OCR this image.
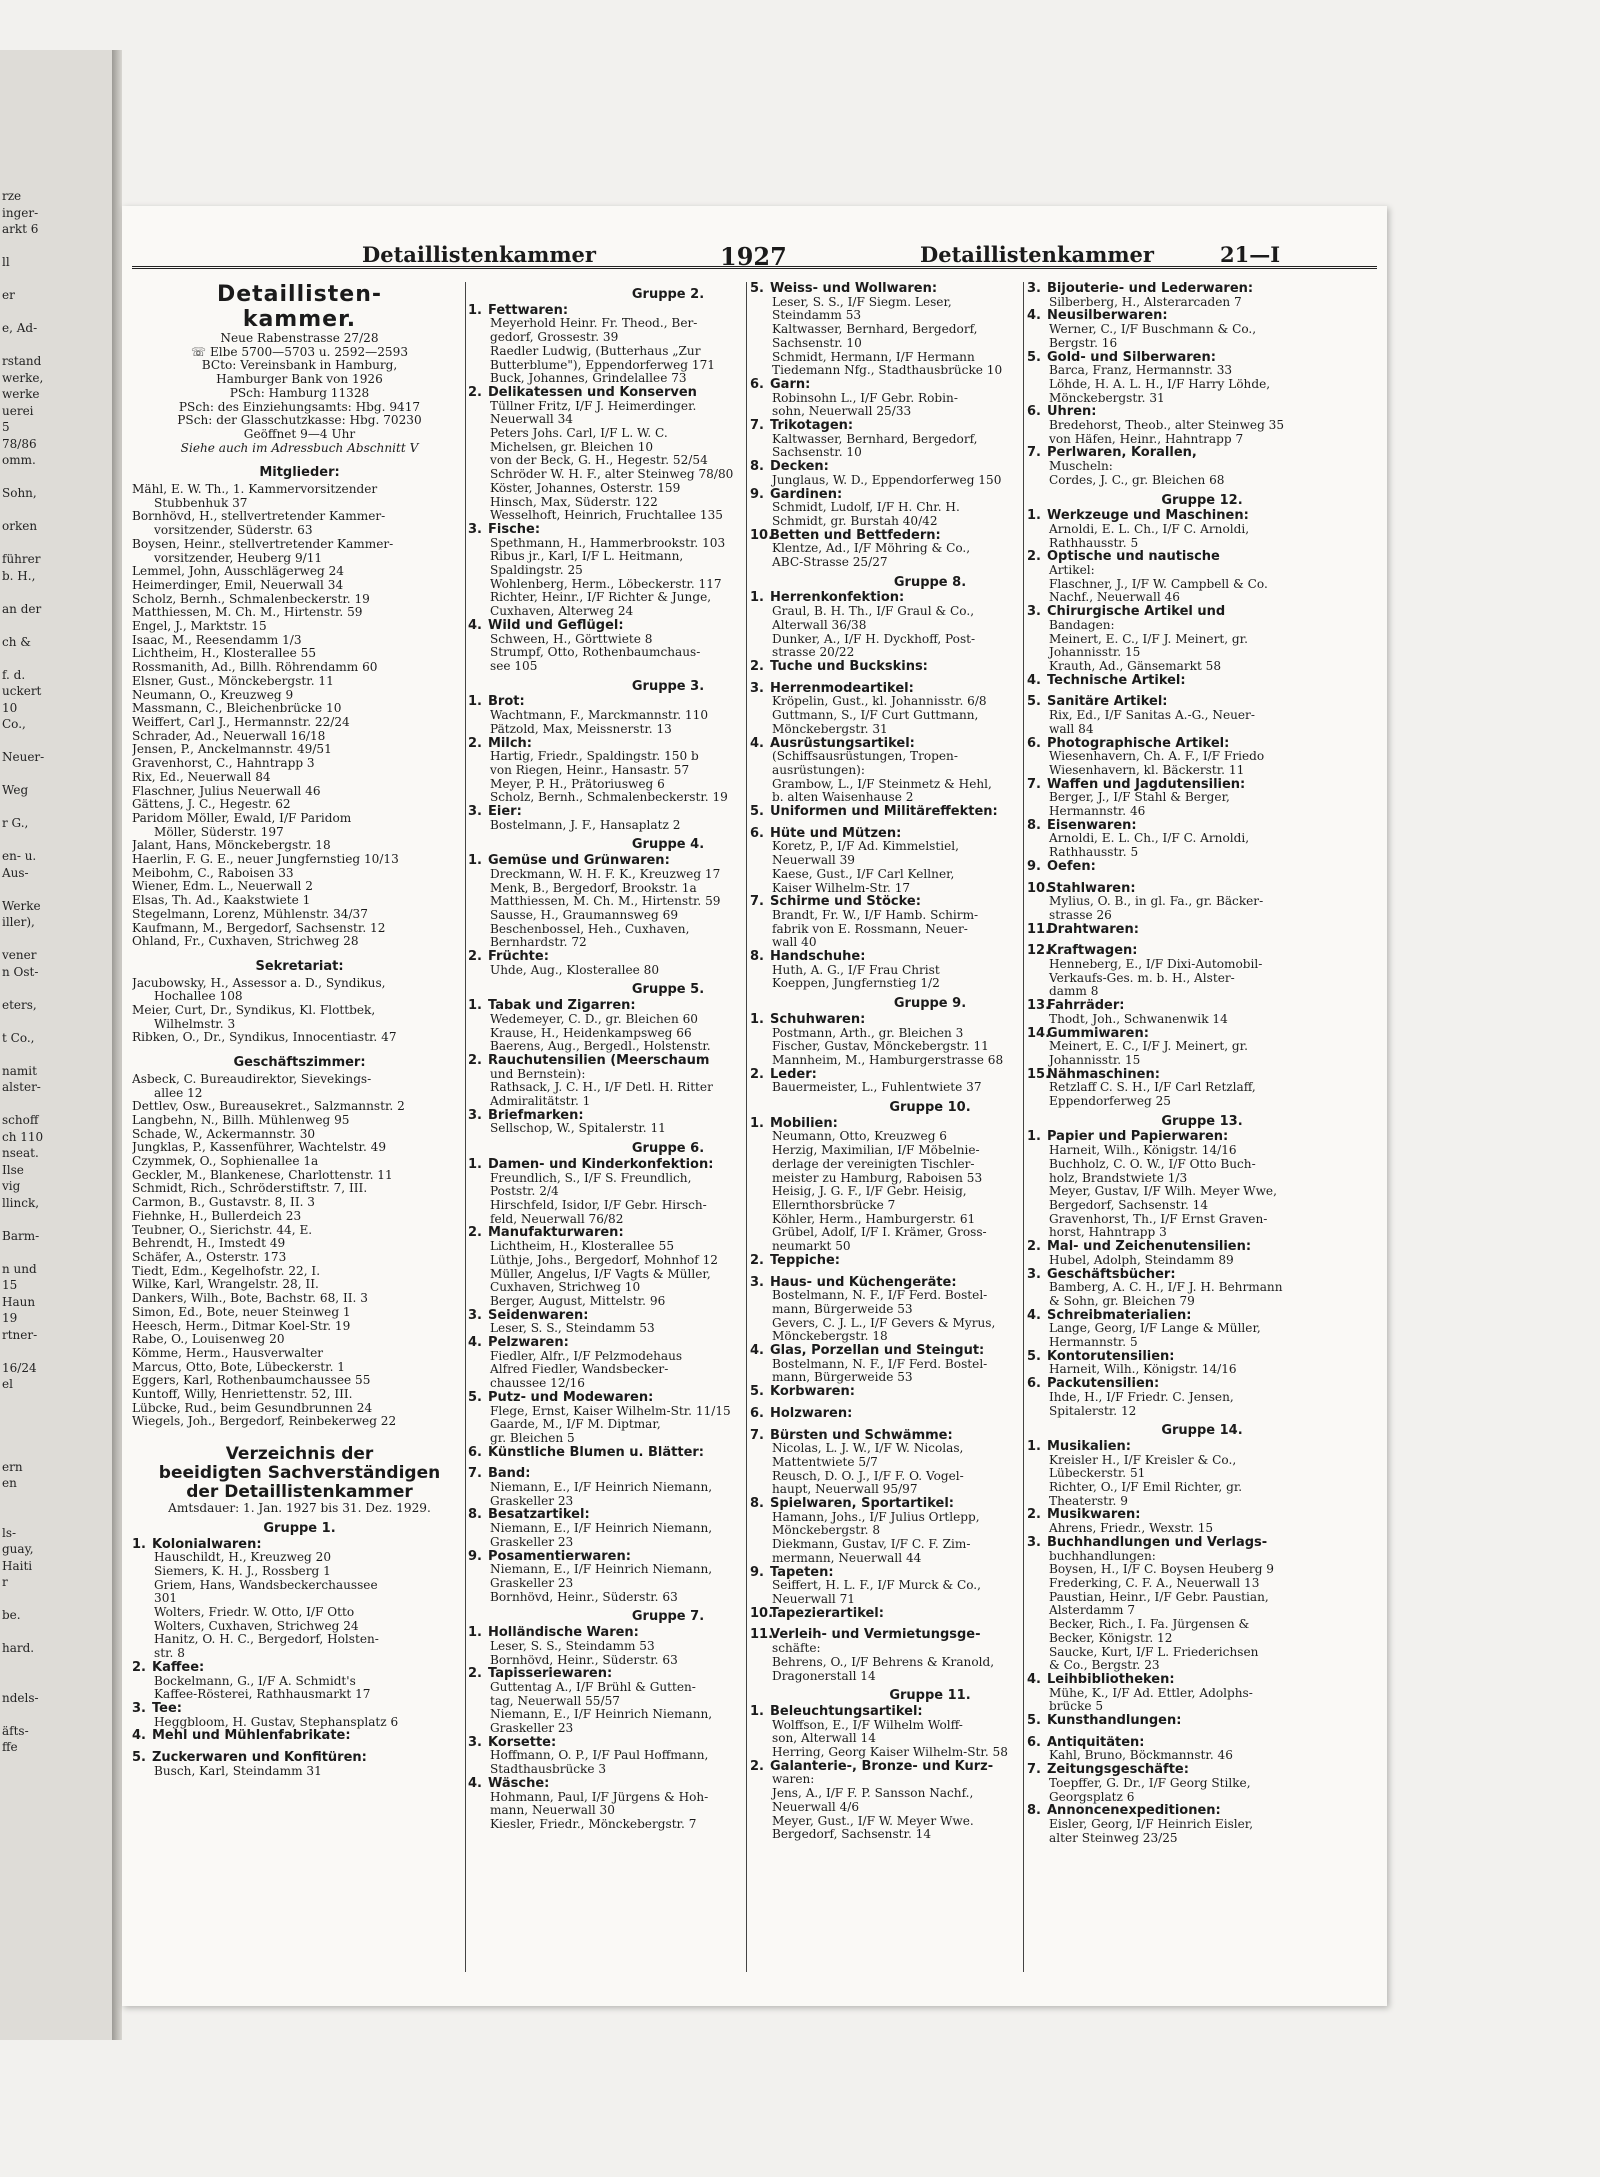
rze
inger-
arkt 6
ll
er
e, Ad-
rstand
werke,
werke
uerei
5
78/86
omm.
Sohn,
orken
führer
b. H.,
an der
ch &
f. d.
uckert
10
Co.,
Neuer-
Weg
r G.,
en- u.
Aus-
Werke
iller),
vener
n Ost-
eters,
t Co.,
namit
alster-
schoff
ch 110
nseat.
Ilse
vig
llinck,
Barm-
n und
15
Haun
19
rtner-
16/24
el
ern
en
ls-
guay,
Haiti
r
be.
hard.
ndels-
äfts-
ffe
Detaillistenkammer	1927	Detaillistenkammer	21—I
Detaillisten-
kammer.
Neue Rabenstrasse 27/28
☏ Elbe 5700—5703 u. 2592—2593
BCto: Vereinsbank in Hamburg,
Hamburger Bank von 1926
PSch: Hamburg 11328
PSch: des Einziehungsamts: Hbg. 9417
PSch: der Glasschutzkasse: Hbg. 70230
Geöffnet 9—4 Uhr
Siehe auch im Adressbuch Abschnitt V
Mitglieder:
Mähl, E. W. Th., 1. Kammervorsitzender
Stubbenhuk 37
Bornhövd, H., stellvertretender Kammer-
vorsitzender, Süderstr. 63
Boysen, Heinr., stellvertretender Kammer-
vorsitzender, Heuberg 9/11
Lemmel, John, Ausschlägerweg 24
Heimerdinger, Emil, Neuerwall 34
Scholz, Bernh., Schmalenbeckerstr. 19
Matthiessen, M. Ch. M., Hirtenstr. 59
Engel, J., Marktstr. 15
Isaac, M., Reesendamm 1/3
Lichtheim, H., Klosterallee 55
Rossmanith, Ad., Billh. Röhrendamm 60
Elsner, Gust., Mönckebergstr. 11
Neumann, O., Kreuzweg 9
Massmann, C., Bleichenbrücke 10
Weiffert, Carl J., Hermannstr. 22/24
Schrader, Ad., Neuerwall 16/18
Jensen, P., Anckelmannstr. 49/51
Gravenhorst, C., Hahntrapp 3
Rix, Ed., Neuerwall 84
Flaschner, Julius Neuerwall 46
Gättens, J. C., Hegestr. 62
Paridom Möller, Ewald, I/F Paridom
Möller, Süderstr. 197
Jalant, Hans, Mönckebergstr. 18
Haerlin, F. G. E., neuer Jungfernstieg 10/13
Meibohm, C., Raboisen 33
Wiener, Edm. L., Neuerwall 2
Elsas, Th. Ad., Kaakstwiete 1
Stegelmann, Lorenz, Mühlenstr. 34/37
Kaufmann, M., Bergedorf, Sachsenstr. 12
Ohland, Fr., Cuxhaven, Strichweg 28
Sekretariat:
Jacubowsky, H., Assessor a. D., Syndikus,
Hochallee 108
Meier, Curt, Dr., Syndikus, Kl. Flottbek,
Wilhelmstr. 3
Ribken, O., Dr., Syndikus, Innocentiastr. 47
Geschäftszimmer:
Asbeck, C. Bureaudirektor, Sievekings-
allee 12
Dettlev, Osw., Bureausekret., Salzmannstr. 2
Langbehn, N., Billh. Mühlenweg 95
Schade, W., Ackermannstr. 30
Jungklas, P., Kassenführer, Wachtelstr. 49
Czymmek, O., Sophienallee 1a
Geckler, M., Blankenese, Charlottenstr. 11
Schmidt, Rich., Schröderstiftstr. 7, III.
Carmon, B., Gustavstr. 8, II. 3
Fiehnke, H., Bullerdeich 23
Teubner, O., Sierichstr. 44, E.
Behrendt, H., Imstedt 49
Schäfer, A., Osterstr. 173
Tiedt, Edm., Kegelhofstr. 22, I.
Wilke, Karl, Wrangelstr. 28, II.
Dankers, Wilh., Bote, Bachstr. 68, II. 3
Simon, Ed., Bote, neuer Steinweg 1
Heesch, Herm., Ditmar Koel-Str. 19
Rabe, O., Louisenweg 20
Kömme, Herm., Hausverwalter
Marcus, Otto, Bote, Lübeckerstr. 1
Eggers, Karl, Rothenbaumchaussee 55
Kuntoff, Willy, Henriettenstr. 52, III.
Lübcke, Rud., beim Gesundbrunnen 24
Wiegels, Joh., Bergedorf, Reinbekerweg 22
Verzeichnis der
beeidigten Sachverständigen
der Detaillistenkammer
Amtsdauer: 1. Jan. 1927 bis 31. Dez. 1929.
Gruppe 1.
1. Kolonialwaren:
Hauschildt, H., Kreuzweg 20
Siemers, K. H. J., Rossberg 1
Griem, Hans, Wandsbeckerchaussee
301
Wolters, Friedr. W. Otto, I/F Otto
Wolters, Cuxhaven, Strichweg 24
Hanitz, O. H. C., Bergedorf, Holsten-
str. 8
2. Kaffee:
Bockelmann, G., I/F A. Schmidt's
Kaffee-Rösterei, Rathhausmarkt 17
3. Tee:
Heggbloom, H. Gustav, Stephansplatz 6
4. Mehl und Mühlenfabrikate:
5. Zuckerwaren und Konfitüren:
Busch, Karl, Steindamm 31
Gruppe 2.
1. Fettwaren:
Meyerhold Heinr. Fr. Theod., Ber-
gedorf, Grossestr. 39
Raedler Ludwig, (Butterhaus „Zur
Butterblume"), Eppendorferweg 171
Buck, Johannes, Grindelallee 73
2. Delikatessen und Konserven
Tüllner Fritz, I/F J. Heimerdinger.
Neuerwall 34
Peters Johs. Carl, I/F L. W. C.
Michelsen, gr. Bleichen 10
von der Beck, G. H., Hegestr. 52/54
Schröder W. H. F., alter Steinweg 78/80
Köster, Johannes, Osterstr. 159
Hinsch, Max, Süderstr. 122
Wesselhoft, Heinrich, Fruchtallee 135
3. Fische:
Spethmann, H., Hammerbrookstr. 103
Ribus jr., Karl, I/F L. Heitmann,
Spaldingstr. 25
Wohlenberg, Herm., Löbeckerstr. 117
Richter, Heinr., I/F Richter & Junge,
Cuxhaven, Alterweg 24
4. Wild und Geflügel:
Schween, H., Görttwiete 8
Strumpf, Otto, Rothenbaumchaus-
see 105
Gruppe 3.
1. Brot:
Wachtmann, F., Marckmannstr. 110
Pätzold, Max, Meissnerstr. 13
2. Milch:
Hartig, Friedr., Spaldingstr. 150 b
von Riegen, Heinr., Hansastr. 57
Meyer, P. H., Prätoriusweg 6
Scholz, Bernh., Schmalenbeckerstr. 19
3. Eier:
Bostelmann, J. F., Hansaplatz 2
Gruppe 4.
1. Gemüse und Grünwaren:
Dreckmann, W. H. F. K., Kreuzweg 17
Menk, B., Bergedorf, Brookstr. 1a
Matthiessen, M. Ch. M., Hirtenstr. 59
Sausse, H., Graumannsweg 69
Beschenbossel, Heh., Cuxhaven,
Bernhardstr. 72
2. Früchte:
Uhde, Aug., Klosterallee 80
Gruppe 5.
1. Tabak und Zigarren:
Wedemeyer, C. D., gr. Bleichen 60
Krause, H., Heidenkampsweg 66
Baerens, Aug., Bergedl., Holstenstr.
2. Rauchutensilien (Meerschaum
und Bernstein):
Rathsack, J. C. H., I/F Detl. H. Ritter
Admiralitätstr. 1
3. Briefmarken:
Sellschop, W., Spitalerstr. 11
Gruppe 6.
1. Damen- und Kinderkonfektion:
Freundlich, S., I/F S. Freundlich,
Poststr. 2/4
Hirschfeld, Isidor, I/F Gebr. Hirsch-
feld, Neuerwall 76/82
2. Manufakturwaren:
Lichtheim, H., Klosterallee 55
Lüthje, Johs., Bergedorf, Mohnhof 12
Müller, Angelus, I/F Vagts & Müller,
Cuxhaven, Strichweg 10
Berger, August, Mittelstr. 96
3. Seidenwaren:
Leser, S. S., Steindamm 53
4. Pelzwaren:
Fiedler, Alfr., I/F Pelzmodehaus
Alfred Fiedler, Wandsbecker-
chaussee 12/16
5. Putz- und Modewaren:
Flege, Ernst, Kaiser Wilhelm-Str. 11/15
Gaarde, M., I/F M. Diptmar,
gr. Bleichen 5
6. Künstliche Blumen u. Blätter:
7. Band:
Niemann, E., I/F Heinrich Niemann,
Graskeller 23
8. Besatzartikel:
Niemann, E., I/F Heinrich Niemann,
Graskeller 23
9. Posamentierwaren:
Niemann, E., I/F Heinrich Niemann,
Graskeller 23
Bornhövd, Heinr., Süderstr. 63
Gruppe 7.
1. Holländische Waren:
Leser, S. S., Steindamm 53
Bornhövd, Heinr., Süderstr. 63
2. Tapisseriewaren:
Guttentag A., I/F Brühl & Gutten-
tag, Neuerwall 55/57
Niemann, E., I/F Heinrich Niemann,
Graskeller 23
3. Korsette:
Hoffmann, O. P., I/F Paul Hoffmann,
Stadthausbrücke 3
4. Wäsche:
Hohmann, Paul, I/F Jürgens & Hoh-
mann, Neuerwall 30
Kiesler, Friedr., Mönckebergstr. 7
5. Weiss- und Wollwaren:
Leser, S. S., I/F Siegm. Leser,
Steindamm 53
Kaltwasser, Bernhard, Bergedorf,
Sachsenstr. 10
Schmidt, Hermann, I/F Hermann
Tiedemann Nfg., Stadthausbrücke 10
6. Garn:
Robinsohn L., I/F Gebr. Robin-
sohn, Neuerwall 25/33
7. Trikotagen:
Kaltwasser, Bernhard, Bergedorf,
Sachsenstr. 10
8. Decken:
Junglaus, W. D., Eppendorferweg 150
9. Gardinen:
Schmidt, Ludolf, I/F H. Chr. H.
Schmidt, gr. Burstah 40/42
10.Betten und Bettfedern:
Klentze, Ad., I/F Möhring & Co.,
ABC-Strasse 25/27
Gruppe 8.
1. Herrenkonfektion:
Graul, B. H. Th., I/F Graul & Co.,
Alterwall 36/38
Dunker, A., I/F H. Dyckhoff, Post-
strasse 20/22
2. Tuche und Buckskins:
3. Herrenmodeartikel:
Kröpelin, Gust., kl. Johannisstr. 6/8
Guttmann, S., I/F Curt Guttmann,
Mönckebergstr. 31
4. Ausrüstungsartikel:
(Schiffsausrüstungen, Tropen-
ausrüstungen):
Grambow, L., I/F Steinmetz & Hehl,
b. alten Waisenhause 2
5. Uniformen und Militäreffekten:
6. Hüte und Mützen:
Koretz, P., I/F Ad. Kimmelstiel,
Neuerwall 39
Kaese, Gust., I/F Carl Kellner,
Kaiser Wilhelm-Str. 17
7. Schirme und Stöcke:
Brandt, Fr. W., I/F Hamb. Schirm-
fabrik von E. Rossmann, Neuer-
wall 40
8. Handschuhe:
Huth, A. G., I/F Frau Christ
Koeppen, Jungfernstieg 1/2
Gruppe 9.
1. Schuhwaren:
Postmann, Arth., gr. Bleichen 3
Fischer, Gustav, Mönckebergstr. 11
Mannheim, M., Hamburgerstrasse 68
2. Leder:
Bauermeister, L., Fuhlentwiete 37
Gruppe 10.
1. Mobilien:
Neumann, Otto, Kreuzweg 6
Herzig, Maximilian, I/F Möbelnie-
derlage der vereinigten Tischler-
meister zu Hamburg, Raboisen 53
Heisig, J. G. F., I/F Gebr. Heisig,
Ellernthorsbrücke 7
Köhler, Herm., Hamburgerstr. 61
Grübel, Adolf, I/F I. Krämer, Gross-
neumarkt 50
2. Teppiche:
3. Haus- und Küchengeräte:
Bostelmann, N. F., I/F Ferd. Bostel-
mann, Bürgerweide 53
Gevers, C. J. L., I/F Gevers & Myrus,
Mönckebergstr. 18
4. Glas, Porzellan und Steingut:
Bostelmann, N. F., I/F Ferd. Bostel-
mann, Bürgerweide 53
5. Korbwaren:
6. Holzwaren:
7. Bürsten und Schwämme:
Nicolas, L. J. W., I/F W. Nicolas,
Mattentwiete 5/7
Reusch, D. O. J., I/F F. O. Vogel-
haupt, Neuerwall 95/97
8. Spielwaren, Sportartikel:
Hamann, Johs., I/F Julius Ortlepp,
Mönckebergstr. 8
Diekmann, Gustav, I/F C. F. Zim-
mermann, Neuerwall 44
9. Tapeten:
Seiffert, H. L. F., I/F Murck & Co.,
Neuerwall 71
10.Tapezierartikel:
11.Verleih- und Vermietungsge-
schäfte:
Behrens, O., I/F Behrens & Kranold,
Dragonerstall 14
Gruppe 11.
1. Beleuchtungsartikel:
Wolffson, E., I/F Wilhelm Wolff-
son, Alterwall 14
Herring, Georg Kaiser Wilhelm-Str. 58
2. Galanterie-, Bronze- und Kurz-
waren:
Jens, A., I/F F. P. Sansson Nachf.,
Neuerwall 4/6
Meyer, Gust., I/F W. Meyer Wwe.
Bergedorf, Sachsenstr. 14
3. Bijouterie- und Lederwaren:
Silberberg, H., Alsterarcaden 7
4. Neusilberwaren:
Werner, C., I/F Buschmann & Co.,
Bergstr. 16
5. Gold- und Silberwaren:
Barca, Franz, Hermannstr. 33
Löhde, H. A. L. H., I/F Harry Löhde,
Mönckebergstr. 31
6. Uhren:
Bredehorst, Theob., alter Steinweg 35
von Häfen, Heinr., Hahntrapp 7
7. Perlwaren, Korallen,
Muscheln:
Cordes, J. C., gr. Bleichen 68
Gruppe 12.
1. Werkzeuge und Maschinen:
Arnoldi, E. L. Ch., I/F C. Arnoldi,
Rathhausstr. 5
2. Optische und nautische
Artikel:
Flaschner, J., I/F W. Campbell & Co.
Nachf., Neuerwall 46
3. Chirurgische Artikel und
Bandagen:
Meinert, E. C., I/F J. Meinert, gr.
Johannisstr. 15
Krauth, Ad., Gänsemarkt 58
4. Technische Artikel:
5. Sanitäre Artikel:
Rix, Ed., I/F Sanitas A.-G., Neuer-
wall 84
6. Photographische Artikel:
Wiesenhavern, Ch. A. F., I/F Friedo
Wiesenhavern, kl. Bäckerstr. 11
7. Waffen und Jagdutensilien:
Berger, J., I/F Stahl & Berger,
Hermannstr. 46
8. Eisenwaren:
Arnoldi, E. L. Ch., I/F C. Arnoldi,
Rathhausstr. 5
9. Oefen:
10.Stahlwaren:
Mylius, O. B., in gl. Fa., gr. Bäcker-
strasse 26
11.Drahtwaren:
12.Kraftwagen:
Henneberg, E., I/F Dixi-Automobil-
Verkaufs-Ges. m. b. H., Alster-
damm 8
13.Fahrräder:
Thodt, Joh., Schwanenwik 14
14.Gummiwaren:
Meinert, E. C., I/F J. Meinert, gr.
Johannisstr. 15
15.Nähmaschinen:
Retzlaff C. S. H., I/F Carl Retzlaff,
Eppendorferweg 25
Gruppe 13.
1. Papier und Papierwaren:
Harneit, Wilh., Königstr. 14/16
Buchholz, C. O. W., I/F Otto Buch-
holz, Brandstwiete 1/3
Meyer, Gustav, I/F Wilh. Meyer Wwe,
Bergedorf, Sachsenstr. 14
Gravenhorst, Th., I/F Ernst Graven-
horst, Hahntrapp 3
2. Mal- und Zeichenutensilien:
Hubel, Adolph, Steindamm 89
3. Geschäftsbücher:
Bamberg, A. C. H., I/F J. H. Behrmann
& Sohn, gr. Bleichen 79
4. Schreibmaterialien:
Lange, Georg, I/F Lange & Müller,
Hermannstr. 5
5. Kontorutensilien:
Harneit, Wilh., Königstr. 14/16
6. Packutensilien:
Ihde, H., I/F Friedr. C. Jensen,
Spitalerstr. 12
Gruppe 14.
1. Musikalien:
Kreisler H., I/F Kreisler & Co.,
Lübeckerstr. 51
Richter, O., I/F Emil Richter, gr.
Theaterstr. 9
2. Musikwaren:
Ahrens, Friedr., Wexstr. 15
3. Buchhandlungen und Verlags-
buchhandlungen:
Boysen, H., I/F C. Boysen Heuberg 9
Frederking, C. F. A., Neuerwall 13
Paustian, Heinr., I/F Gebr. Paustian,
Alsterdamm 7
Becker, Rich., I. Fa. Jürgensen &
Becker, Königstr. 12
Saucke, Kurt, I/F L. Friederichsen
& Co., Bergstr. 23
4. Leihbibliotheken:
Mühe, K., I/F Ad. Ettler, Adolphs-
brücke 5
5. Kunsthandlungen:
6. Antiquitäten:
Kahl, Bruno, Böckmannstr. 46
7. Zeitungsgeschäfte:
Toepffer, G. Dr., I/F Georg Stilke,
Georgsplatz 6
8. Annoncenexpeditionen:
Eisler, Georg, I/F Heinrich Eisler,
alter Steinweg 23/25
